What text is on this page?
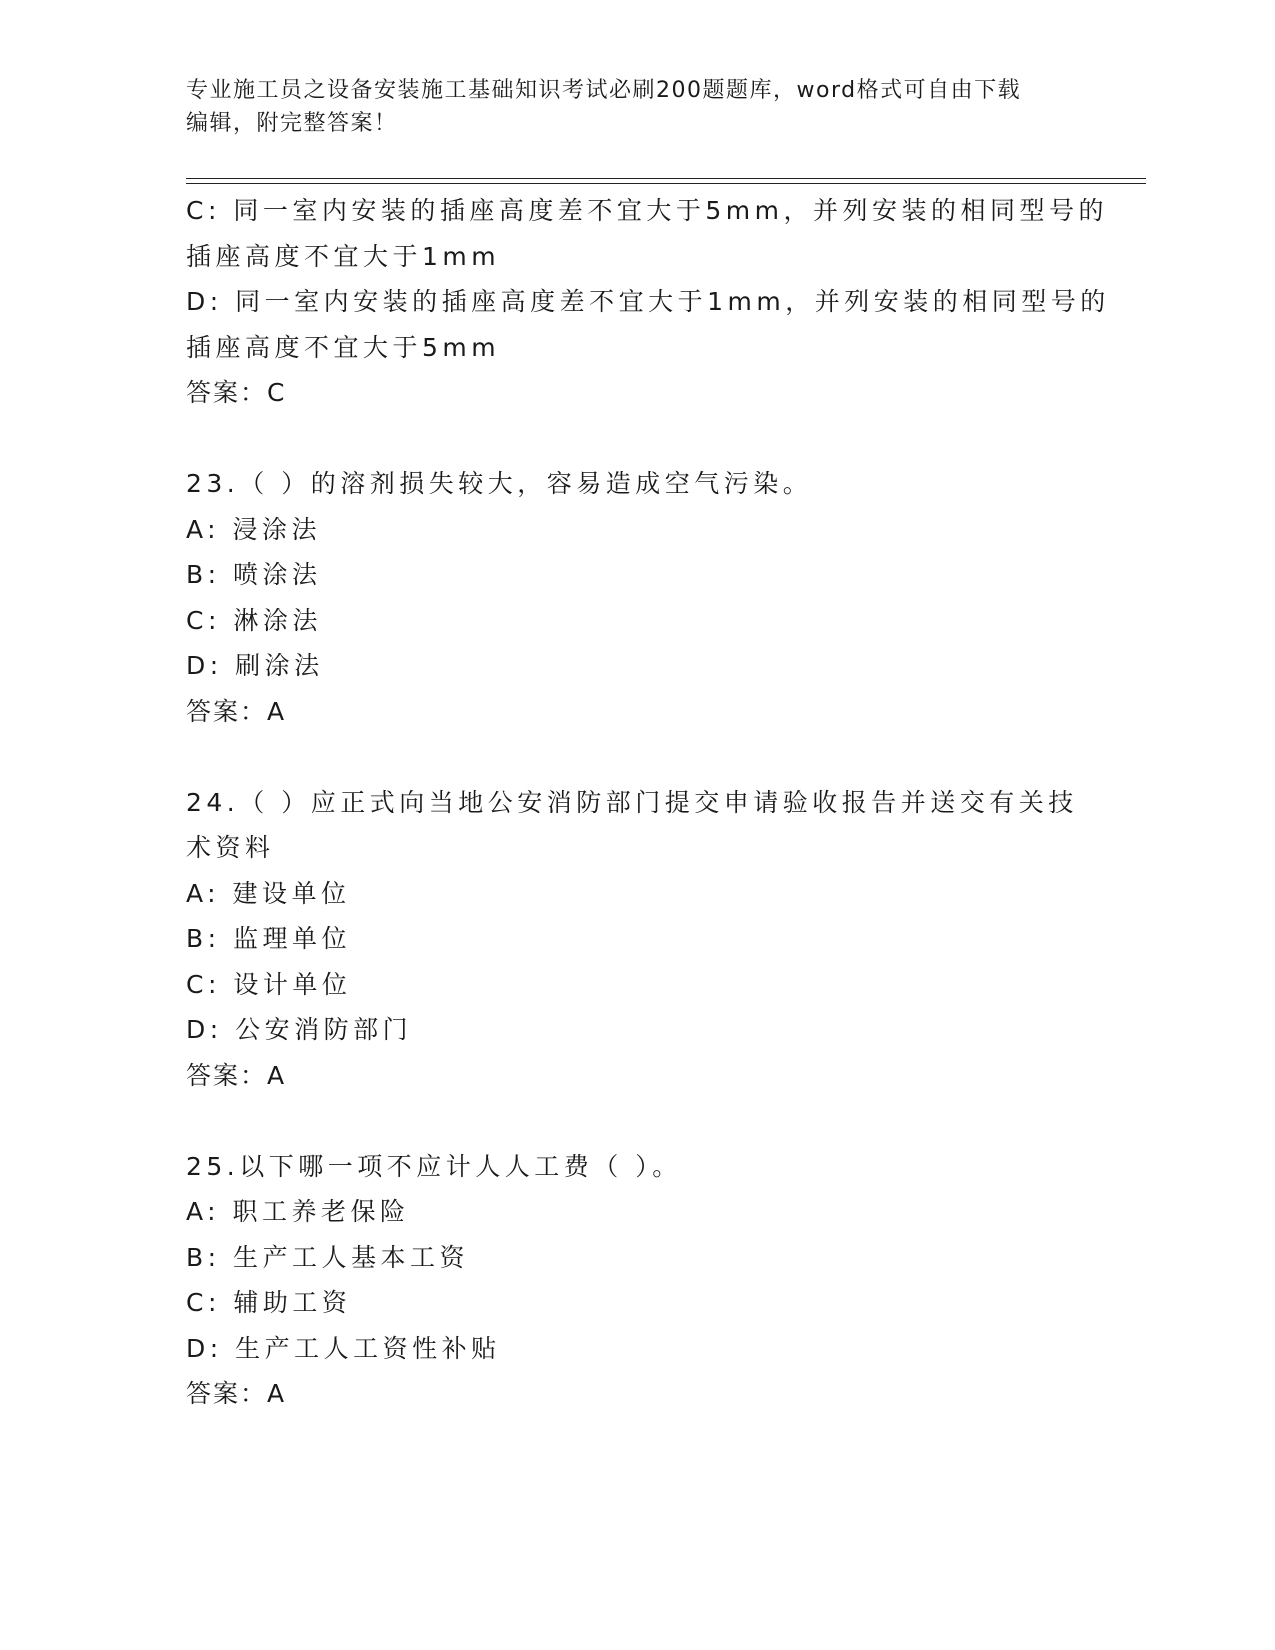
专业施工员之设备安装施工基础知识考试必刷200题题库，word格式可自由下载
编辑，附完整答案！
C: 同一室内安装的插座高度差不宜大于5mm，并列安装的相同型号的
插座高度不宜大于1mm
D: 同一室内安装的插座高度差不宜大于1mm，并列安装的相同型号的
插座高度不宜大于5mm
答案：C
23.（ ）的溶剂损失较大，容易造成空气污染。
A: 浸涂法
B: 喷涂法
C: 淋涂法
D: 刷涂法
答案：A
24.（ ）应正式向当地公安消防部门提交申请验收报告并送交有关技
术资料
A: 建设单位
B: 监理单位
C: 设计单位
D: 公安消防部门
答案：A
25.以下哪一项不应计人人工费（ ）。
A: 职工养老保险
B: 生产工人基本工资
C: 辅助工资
D: 生产工人工资性补贴
答案：A
